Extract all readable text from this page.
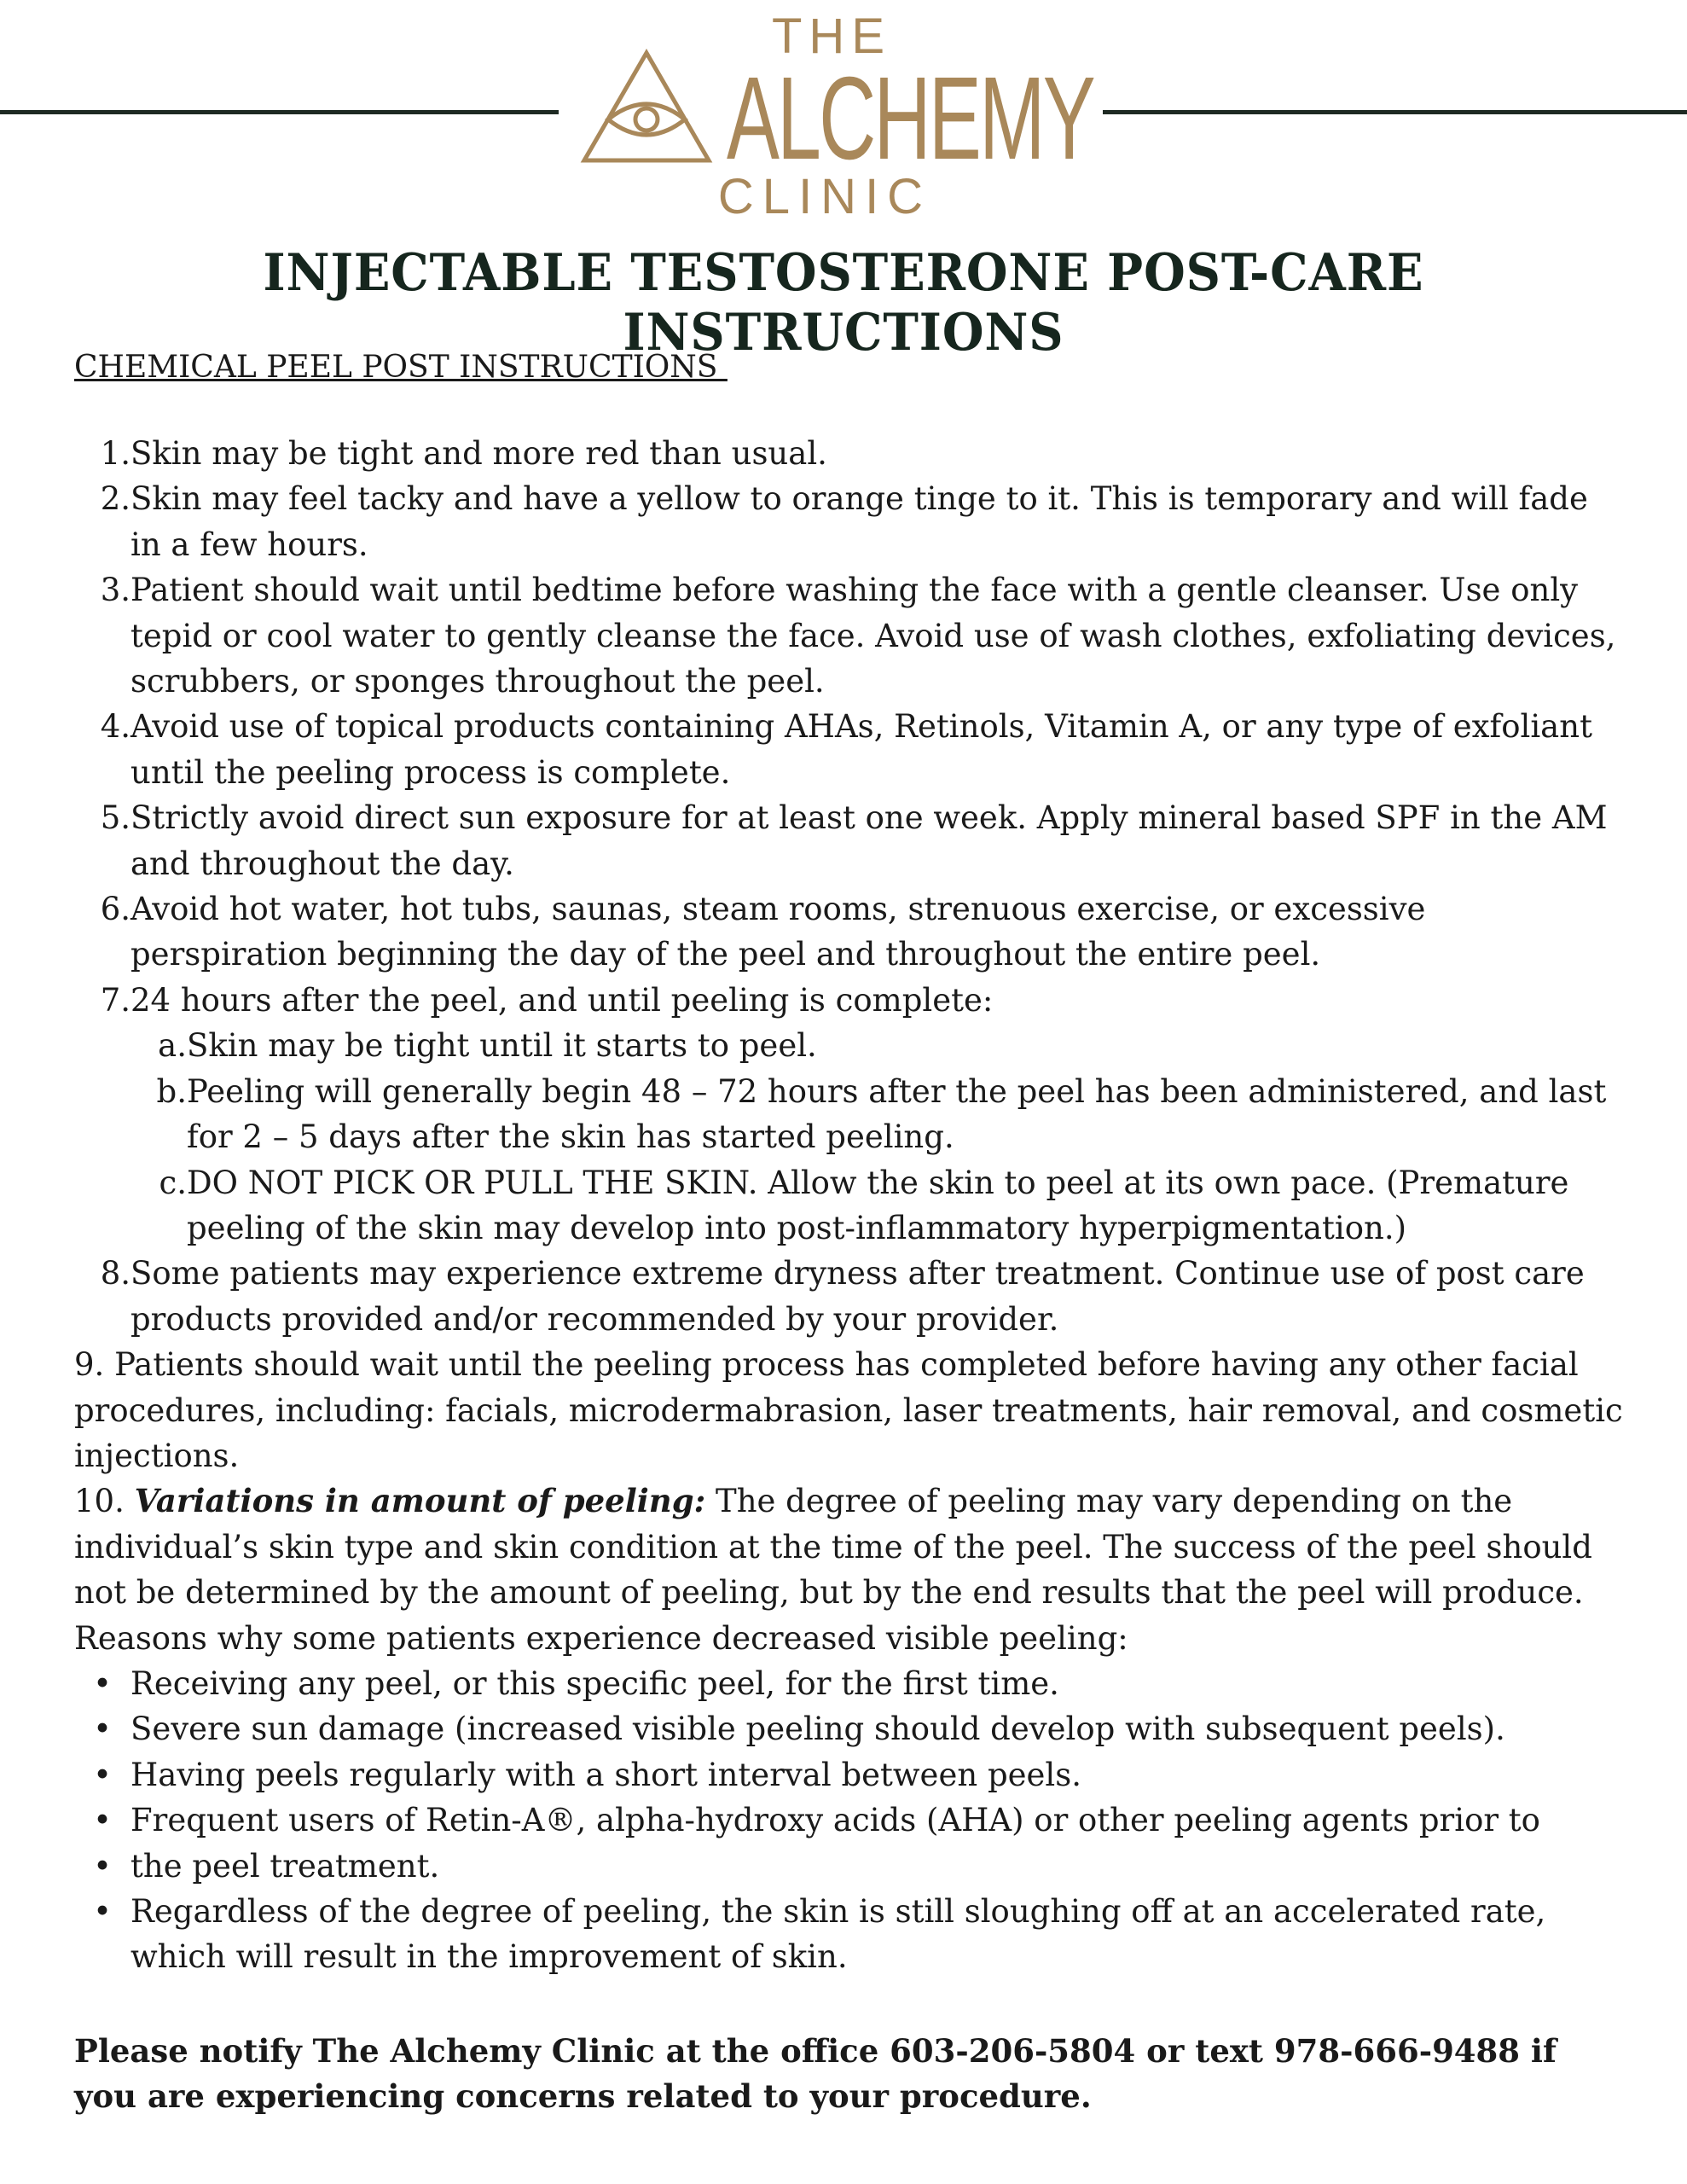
THE
ALCHEMY
CLINIC
INJECTABLE TESTOSTERONE POST-CARE INSTRUCTIONS

CHEMICAL PEEL POST INSTRUCTIONS

1. Skin may be tight and more red than usual.
2. Skin may feel tacky and have a yellow to orange tinge to it. This is temporary and will fade in a few hours.
3. Patient should wait until bedtime before washing the face with a gentle cleanser. Use only tepid or cool water to gently cleanse the face. Avoid use of wash clothes, exfoliating devices, scrubbers, or sponges throughout the peel.
4. Avoid use of topical products containing AHAs, Retinols, Vitamin A, or any type of exfoliant until the peeling process is complete.
5. Strictly avoid direct sun exposure for at least one week. Apply mineral based SPF in the AM and throughout the day.
6. Avoid hot water, hot tubs, saunas, steam rooms, strenuous exercise, or excessive perspiration beginning the day of the peel and throughout the entire peel.
7. 24 hours after the peel, and until peeling is complete:
a. Skin may be tight until it starts to peel.
b. Peeling will generally begin 48 – 72 hours after the peel has been administered, and last for 2 – 5 days after the skin has started peeling.
c. DO NOT PICK OR PULL THE SKIN. Allow the skin to peel at its own pace. (Premature peeling of the skin may develop into post-inflammatory hyperpigmentation.)
8. Some patients may experience extreme dryness after treatment. Continue use of post care products provided and/or recommended by your provider.

9. Patients should wait until the peeling process has completed before having any other facial procedures, including: facials, microdermabrasion, laser treatments, hair removal, and cosmetic injections.

10. Variations in amount of peeling: The degree of peeling may vary depending on the individual’s skin type and skin condition at the time of the peel. The success of the peel should not be determined by the amount of peeling, but by the end results that the peel will produce. Reasons why some patients experience decreased visible peeling:

• Receiving any peel, or this specific peel, for the first time.
• Severe sun damage (increased visible peeling should develop with subsequent peels).
• Having peels regularly with a short interval between peels.
• Frequent users of Retin-A®, alpha-hydroxy acids (AHA) or other peeling agents prior to
• the peel treatment.
• Regardless of the degree of peeling, the skin is still sloughing off at an accelerated rate, which will result in the improvement of skin.

Please notify The Alchemy Clinic at the office 603-206-5804 or text 978-666-9488 if you are experiencing concerns related to your procedure.
